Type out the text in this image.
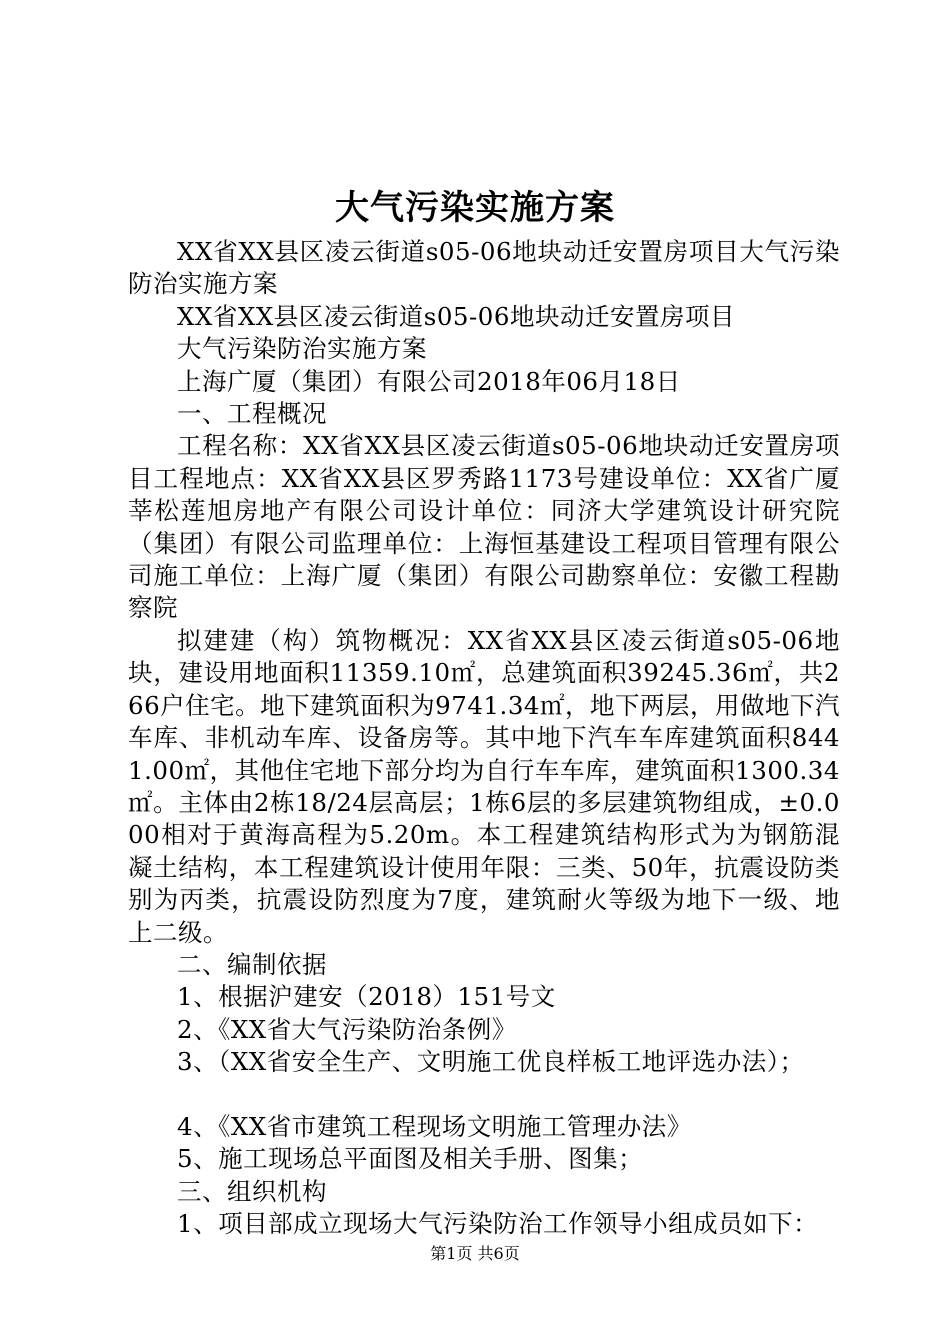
大气污染实施方案

XX省XX县区凌云街道s05-06地块动迁安置房项目大气污染防治实施方案

XX省XX县区凌云街道s05-06地块动迁安置房项目

大气污染防治实施方案

上海广厦（集团）有限公司2018年06月18日

一、工程概况

工程名称：XX省XX县区凌云街道s05-06地块动迁安置房项目工程地点：XX省XX县区罗秀路1173号建设单位：XX省广厦莘松莲旭房地产有限公司设计单位：同济大学建筑设计研究院（集团）有限公司监理单位：上海恒基建设工程项目管理有限公司施工单位：上海广厦（集团）有限公司勘察单位：安徽工程勘察院

拟建建（构）筑物概况：XX省XX县区凌云街道s05-06地块，建设用地面积11359.10㎡，总建筑面积39245.36㎡，共266户住宅。地下建筑面积为9741.34㎡，地下两层，用做地下汽车库、非机动车库、设备房等。其中地下汽车车库建筑面积8441.00㎡，其他住宅地下部分均为自行车车库，建筑面积1300.34㎡。主体由2栋18/24层高层；1栋6层的多层建筑物组成，±0.000相对于黄海高程为5.20m。本工程建筑结构形式为为钢筋混凝土结构，本工程建筑设计使用年限：三类、50年，抗震设防类别为丙类，抗震设防烈度为7度，建筑耐火等级为地下一级、地上二级。

二、编制依据

1、根据沪建安（2018）151号文

2、《XX省大气污染防治条例》

3、（XX省安全生产、文明施工优良样板工地评选办法）；

4、《XX省市建筑工程现场文明施工管理办法》

5、施工现场总平面图及相关手册、图集；

三、组织机构

1、项目部成立现场大气污染防治工作领导小组成员如下：

第1页 共6页
